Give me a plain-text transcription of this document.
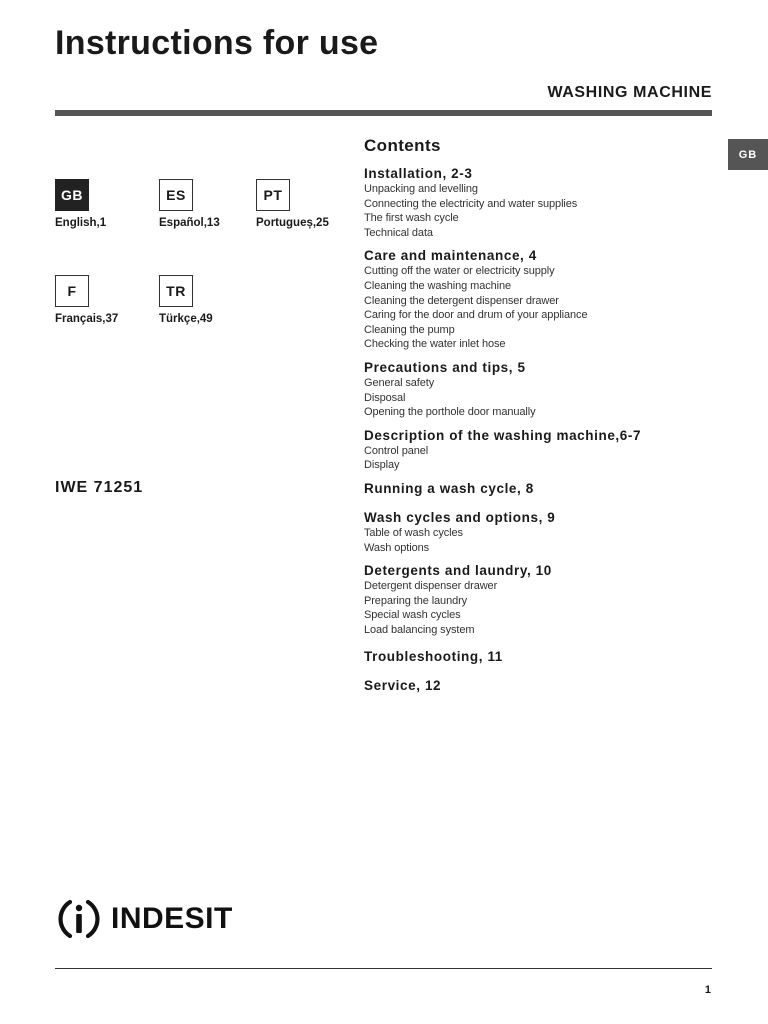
Instructions for use
WASHING MACHINE
GB
GB
English,1
ES
Español,13
PT
Portugueș,25
F
Français,37
TR
Türkçe,49
IWE 71251
Contents
Installation, 2-3
Unpacking and levelling
Connecting the electricity and water supplies
The first wash cycle
Technical data
Care and maintenance, 4
Cutting off the water or electricity supply
Cleaning the washing machine
Cleaning the detergent dispenser drawer
Caring for the door and drum of your appliance
Cleaning the pump
Checking the water inlet hose
Precautions and tips, 5
General safety
Disposal
Opening the porthole door manually
Description of the washing machine,6-7
Control panel
Display
Running a wash cycle, 8
Wash cycles and options, 9
Table of wash cycles
Wash options
Detergents and laundry, 10
Detergent dispenser drawer
Preparing the laundry
Special wash cycles
Load balancing system
Troubleshooting, 11
Service, 12
INDESIT
1
